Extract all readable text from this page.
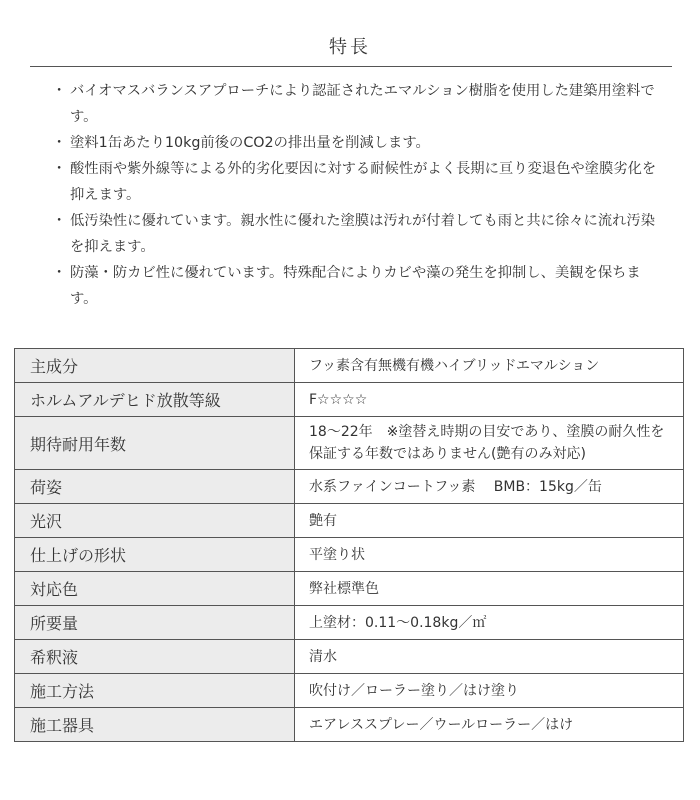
特長
・ バイオマスバランスアプローチにより認証されたエマルション樹脂を使用した建築用塗料です。
・ 塗料1缶あたり10kg前後のCO2の排出量を削減します。
・ 酸性雨や紫外線等による外的劣化要因に対する耐候性がよく長期に亘り変退色や塗膜劣化を抑えます。
・ 低汚染性に優れています。親水性に優れた塗膜は汚れが付着しても雨と共に徐々に流れ汚染を抑えます。
・ 防藻・防カビ性に優れています。特殊配合によりカビや藻の発生を抑制し、美観を保ちます。
主成分	フッ素含有無機有機ハイブリッドエマルション
ホルムアルデヒド放散等級	F☆☆☆☆
期待耐用年数	18〜22年　※塗替え時期の目安であり、塗膜の耐久性を
保証する年数ではありません(艶有のみ対応)

荷姿	水系ファインコートフッ素　 BMB：15kg／缶
光沢	艶有
仕上げの形状	平塗り状
対応色	弊社標準色
所要量	上塗材：0.11〜0.18kg／㎡
希釈液	清水
施工方法	吹付け／ローラー塗り／はけ塗り
施工器具	エアレススプレー／ウールローラー／はけ
